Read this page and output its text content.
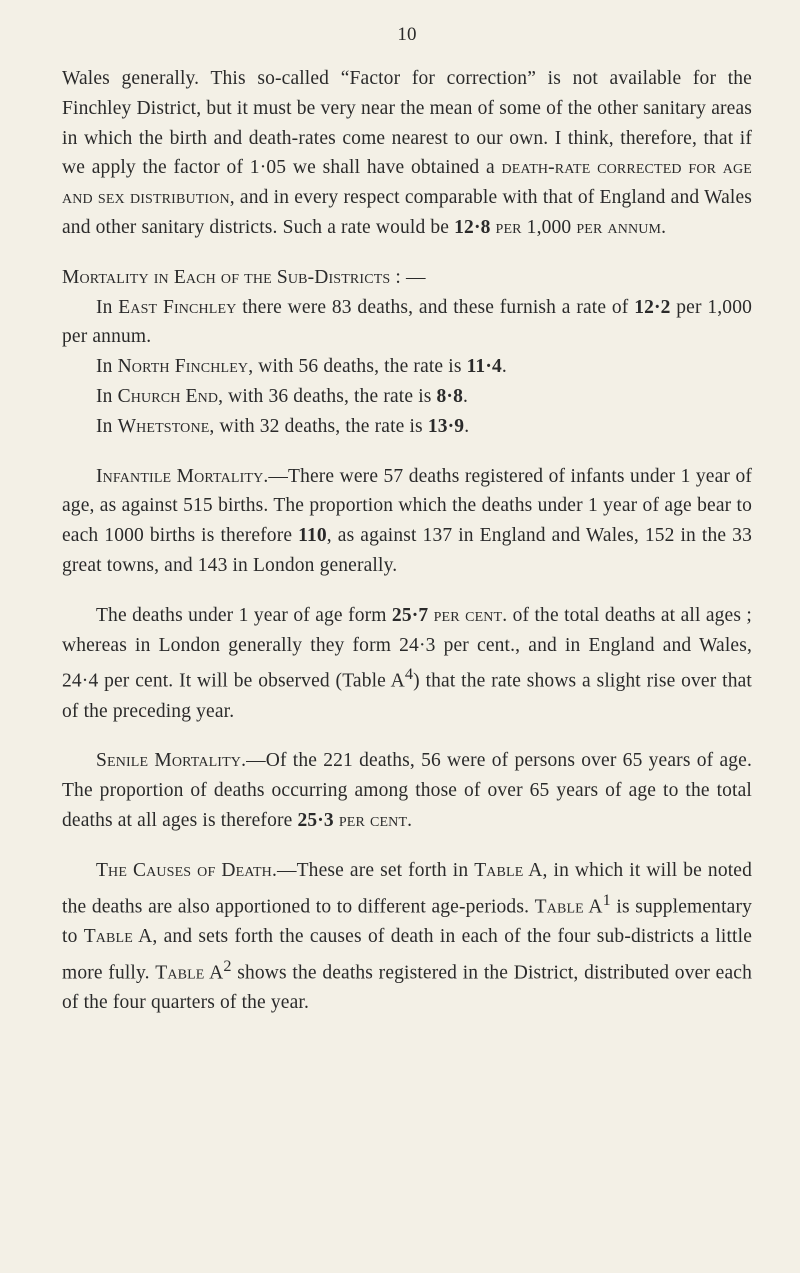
10

Wales generally. This so-called “Factor for correction” is not available for the Finchley District, but it must be very near the mean of some of the other sanitary areas in which the birth and death-rates come nearest to our own. I think, therefore, that if we apply the factor of 1·05 we shall have obtained a death-rate corrected for age and sex distribution, and in every respect comparable with that of England and Wales and other sanitary districts. Such a rate would be 12·8 per 1,000 per annum.

Mortality in Each of the Sub-Districts : —

In East Finchley there were 83 deaths, and these furnish a rate of 12·2 per 1,000 per annum.

In North Finchley, with 56 deaths, the rate is 11·4.

In Church End, with 36 deaths, the rate is 8·8.

In Whetstone, with 32 deaths, the rate is 13·9.

Infantile Mortality.—There were 57 deaths registered of infants under 1 year of age, as against 515 births. The proportion which the deaths under 1 year of age bear to each 1000 births is therefore 110, as against 137 in England and Wales, 152 in the 33 great towns, and 143 in London generally.

The deaths under 1 year of age form 25·7 per cent. of the total deaths at all ages ; whereas in London generally they form 24·3 per cent., and in England and Wales, 24·4 per cent. It will be observed (Table $A^4$) that the rate shows a slight rise over that of the preceding year.

Senile Mortality.—Of the 221 deaths, 56 were of persons over 65 years of age. The proportion of deaths occurring among those of over 65 years of age to the total deaths at all ages is therefore 25·3 per cent.

The Causes of Death.—These are set forth in Table A, in which it will be noted the deaths are also apportioned to to different age-periods. Table $A^1$ is supplementary to Table A, and sets forth the causes of death in each of the four sub-districts a little more fully. Table $A^2$ shows the deaths registered in the District, distributed over each of the four quarters of the year.
